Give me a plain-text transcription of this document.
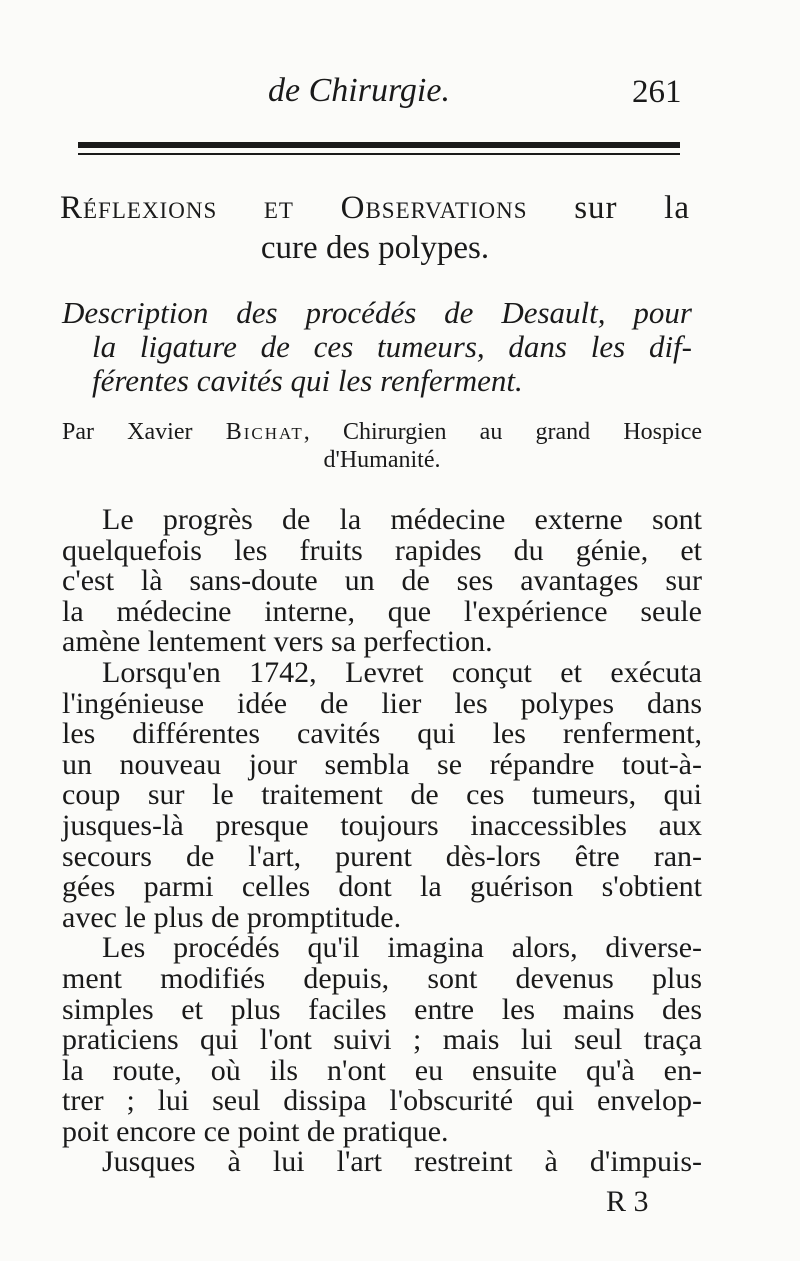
de Chirurgie.	261
Réflexions et Observations sur la
cure des polypes.
Description des procédés de Desault, pour
la ligature de ces tumeurs, dans les dif-
férentes cavités qui les renferment.
Par Xavier Bichat, Chirurgien au grand Hospice
d'Humanité.
Le progrès de la médecine externe sont
quelquefois les fruits rapides du génie, et
c'est là sans-doute un de ses avantages sur
la médecine interne, que l'expérience seule
amène lentement vers sa perfection.
Lorsqu'en 1742, Levret conçut et exécuta
l'ingénieuse idée de lier les polypes dans
les différentes cavités qui les renferment,
un nouveau jour sembla se répandre tout-à-
coup sur le traitement de ces tumeurs, qui
jusques-là presque toujours inaccessibles aux
secours de l'art, purent dès-lors être ran-
gées parmi celles dont la guérison s'obtient
avec le plus de promptitude.
Les procédés qu'il imagina alors, diverse-
ment modifiés depuis, sont devenus plus
simples et plus faciles entre les mains des
praticiens qui l'ont suivi ; mais lui seul traça
la route, où ils n'ont eu ensuite qu'à en-
trer ; lui seul dissipa l'obscurité qui envelop-
poit encore ce point de pratique.
Jusques à lui l'art restreint à d'impuis-
R 3
